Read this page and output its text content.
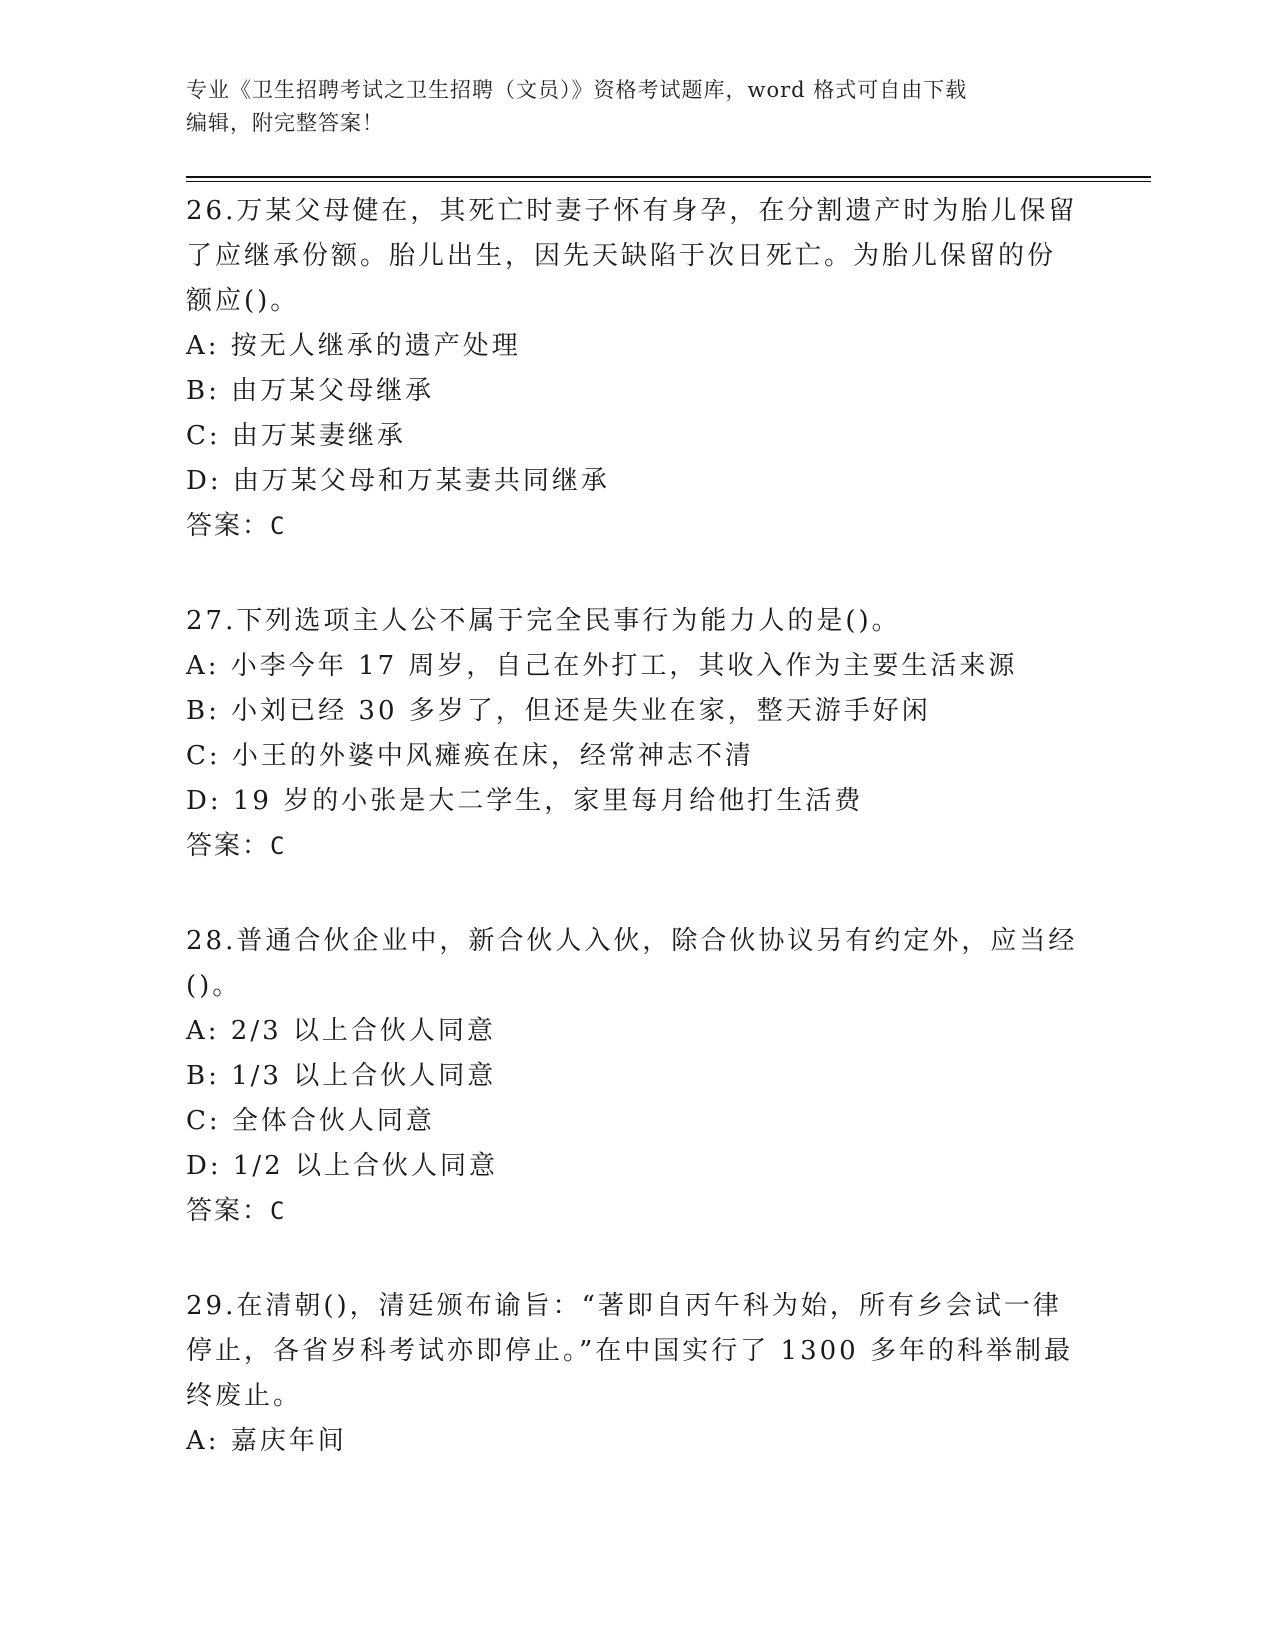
专业《卫生招聘考试之卫生招聘（文员）》资格考试题库，word 格式可自由下载
编辑，附完整答案！
26.万某父母健在，其死亡时妻子怀有身孕，在分割遗产时为胎儿保留
了应继承份额。胎儿出生，因先天缺陷于次日死亡。为胎儿保留的份
额应()。
A: 按无人继承的遗产处理
B: 由万某父母继承
C: 由万某妻继承
D: 由万某父母和万某妻共同继承
答案：C
27.下列选项主人公不属于完全民事行为能力人的是()。
A: 小李今年 17 周岁，自己在外打工，其收入作为主要生活来源
B: 小刘已经 30 多岁了，但还是失业在家，整天游手好闲
C: 小王的外婆中风瘫痪在床，经常神志不清
D: 19 岁的小张是大二学生，家里每月给他打生活费
答案：C
28.普通合伙企业中，新合伙人入伙，除合伙协议另有约定外，应当经
()。
A: 2/3 以上合伙人同意
B: 1/3 以上合伙人同意
C: 全体合伙人同意
D: 1/2 以上合伙人同意
答案：C
29.在清朝()，清廷颁布谕旨：“著即自丙午科为始，所有乡会试一律
停止，各省岁科考试亦即停止。”在中国实行了 1300 多年的科举制最
终废止。
A: 嘉庆年间
